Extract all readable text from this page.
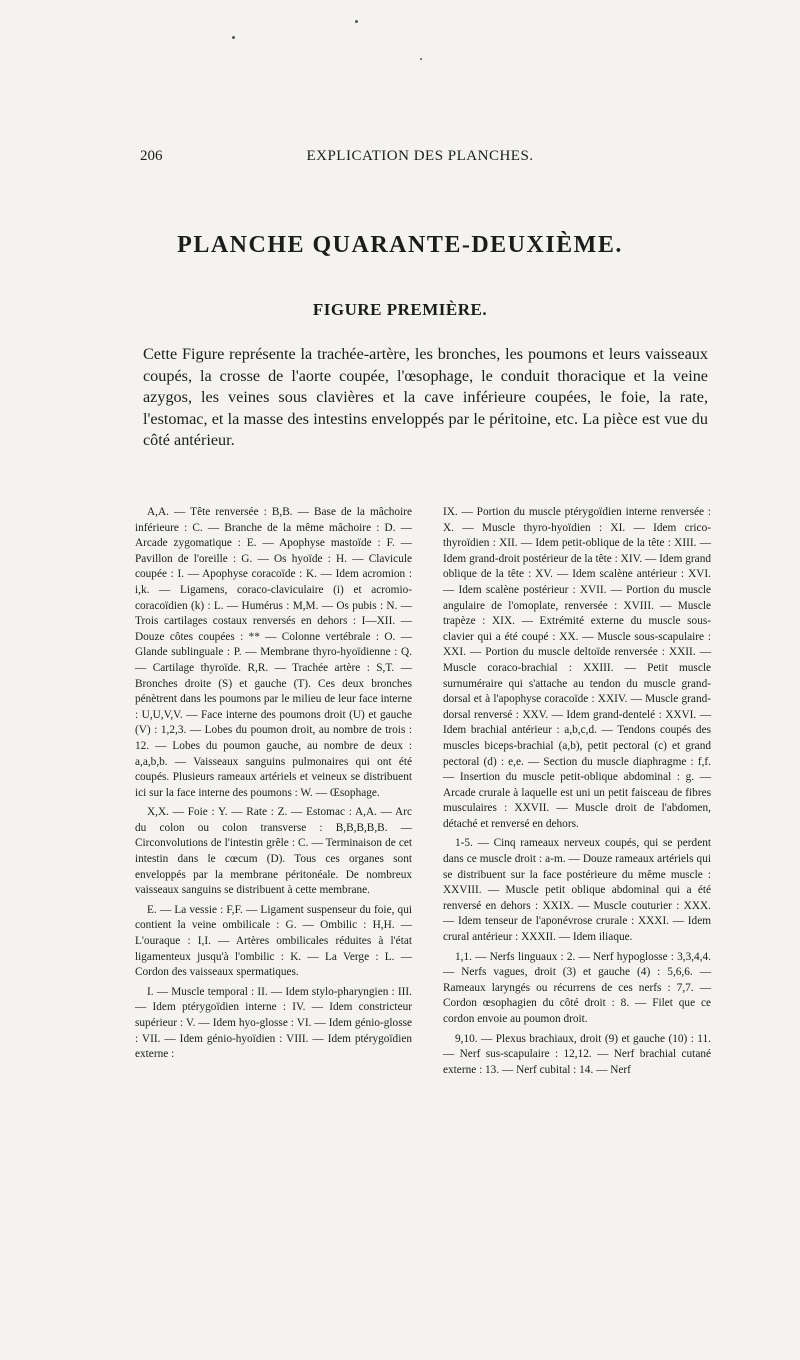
206	EXPLICATION DES PLANCHES.
PLANCHE QUARANTE-DEUXIÈME.
FIGURE PREMIÈRE.
Cette Figure représente la trachée-artère, les bronches, les poumons et leurs vaisseaux coupés, la crosse de l'aorte coupée, l'œsophage, le conduit thoracique et la veine azygos, les veines sous clavières et la cave inférieure coupées, le foie, la rate, l'estomac, et la masse des intestins enveloppés par le péritoine, etc. La pièce est vue du côté antérieur.

A,A. — Tête renversée : B,B. — Base de la mâchoire inférieure : C. — Branche de la même mâchoire : D. — Arcade zygomatique : E. — Apophyse mastoïde : F. — Pavillon de l'oreille : G. — Os hyoïde : H. — Clavicule coupée : I. — Apophyse coracoïde : K. — Idem acromion : i,k. — Ligamens, coraco-claviculaire (i) et acromio-coracoïdien (k) : L. — Humérus : M,M. — Os pubis : N. — Trois cartilages costaux renversés en dehors : I—XII. — Douze côtes coupées : ** — Colonne vertébrale : O. — Glande sublinguale : P. — Membrane thyro-hyoïdienne : Q. — Cartilage thyroïde. R,R. — Trachée artère : S,T. — Bronches droite (S) et gauche (T). Ces deux bronches pénètrent dans les poumons par le milieu de leur face interne : U,U,V,V. — Face interne des poumons droit (U) et gauche (V) : 1,2,3. — Lobes du poumon droit, au nombre de trois : 12. — Lobes du poumon gauche, au nombre de deux : a,a,b,b. — Vaisseaux sanguins pulmonaires qui ont été coupés. Plusieurs rameaux artériels et veineux se distribuent ici sur la face interne des poumons : W. — Œsophage.

X,X. — Foie : Y. — Rate : Z. — Estomac : A,A. — Arc du colon ou colon transverse : B,B,B,B,B. — Circonvolutions de l'intestin grêle : C. — Terminaison de cet intestin dans le cœcum (D). Tous ces organes sont enveloppés par la membrane péritonéale. De nombreux vaisseaux sanguins se distribuent à cette membrane.

E. — La vessie : F,F. — Ligament suspenseur du foie, qui contient la veine ombilicale : G. — Ombilic : H,H. — L'ouraque : I,I. — Artères ombilicales réduites à l'état ligamenteux jusqu'à l'ombilic : K. — La Verge : L. — Cordon des vaisseaux spermatiques.

I. — Muscle temporal : II. — Idem stylo-pharyngien : III. — Idem ptérygoïdien interne : IV. — Idem constricteur supérieur : V. — Idem hyo-glosse : VI. — Idem génio-glosse : VII. — Idem génio-hyoïdien : VIII. — Idem ptérygoïdien externe :

IX. — Portion du muscle ptérygoïdien interne renversée : X. — Muscle thyro-hyoïdien : XI. — Idem crico-thyroïdien : XII. — Idem petit-oblique de la tête : XIII. — Idem grand-droit postérieur de la tête : XIV. — Idem grand oblique de la tête : XV. — Idem scalène antérieur : XVI. — Idem scalène postérieur : XVII. — Portion du muscle angulaire de l'omoplate, renversée : XVIII. — Muscle trapèze : XIX. — Extrémité externe du muscle sous-clavier qui a été coupé : XX. — Muscle sous-scapulaire : XXI. — Portion du muscle deltoïde renversée : XXII. — Muscle coraco-brachial : XXIII. — Petit muscle surnuméraire qui s'attache au tendon du muscle grand-dorsal et à l'apophyse coracoïde : XXIV. — Muscle grand-dorsal renversé : XXV. — Idem grand-dentelé : XXVI. — Idem brachial antérieur : a,b,c,d. — Tendons coupés des muscles biceps-brachial (a,b), petit pectoral (c) et grand pectoral (d) : e,e. — Section du muscle diaphragme : f,f. — Insertion du muscle petit-oblique abdominal : g. — Arcade crurale à laquelle est uni un petit faisceau de fibres musculaires : XXVII. — Muscle droit de l'abdomen, détaché et renversé en dehors.

1-5. — Cinq rameaux nerveux coupés, qui se perdent dans ce muscle droit : a-m. — Douze rameaux artériels qui se distribuent sur la face postérieure du même muscle : XXVIII. — Muscle petit oblique abdominal qui a été renversé en dehors : XXIX. — Muscle couturier : XXX. — Idem tenseur de l'aponévrose crurale : XXXI. — Idem crural antérieur : XXXII. — Idem iliaque.

1,1. — Nerfs linguaux : 2. — Nerf hypoglosse : 3,3,4,4. — Nerfs vagues, droit (3) et gauche (4) : 5,6,6. — Rameaux laryngés ou récurrens de ces nerfs : 7,7. — Cordon œsophagien du côté droit : 8. — Filet que ce cordon envoie au poumon droit.

9,10. — Plexus brachiaux, droit (9) et gauche (10) : 11. — Nerf sus-scapulaire : 12,12. — Nerf brachial cutané externe : 13. — Nerf cubital : 14. — Nerf
